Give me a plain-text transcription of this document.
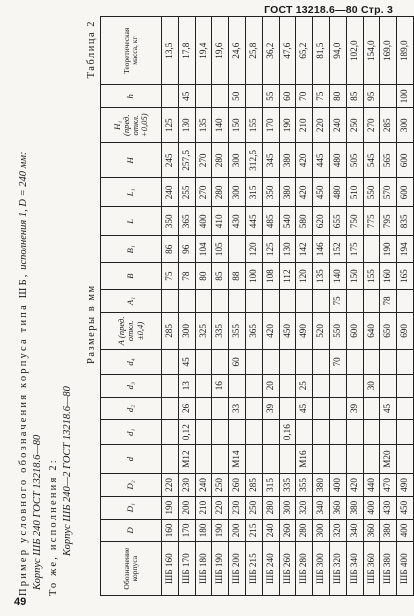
ГОСТ 13218.6—80 Стр. 3
Пример условного обозначения корпуса типа ШБ, исполнения 1, D = 240 мм:
Корпус ШБ 240 ГОСТ 13218.6—80 То же, исполнения 2: Корпус ШБ 240—2 ГОСТ 13218.6—80
Размеры в мм
Таблица 2
Обозначение корпуса	D	D₁	D₂	d	d₁	d₂	d₃	d₄	A (пред. откл. ±0,4)	A₁	B	B₁	L	L₁	H	H₁ (пред. откл. +0,05)	h	Теоретическая масса, кг
ШБ 160	160	190	220						285		75	86	350	240	245	125		13,5
ШБ 170	170	200	230	M12	0,12	26	13	45	300		78	96	365	255	257,5	130	45	17,8
ШБ 180	180	210	240						325		80	104	400	270	270	135		19,4
ШБ 190	190	220	250				16		335		85	105	410	280	280	140		19,6
ШБ 200	200	230	260	M14		33		60	355		88		430	300	300	150	50	24,6
ШБ 215	215	250	285						365		100	120	445	315	312,5	155		25,8
ШБ 240	240	280	315			39	20		420		108	125	485	350	345	170	55	36,2
ШБ 260	260	300	335		0,16				450		112	130	540	380	380	190	60	47,6
ШБ 280	280	320	355	M16		45	25		490		120	142	580	420	420	210	70	65,2
ШБ 300	300	340	380						520		135	146	620	450	445	220	75	81,5
ШБ 320	320	360	400					70	550	75	140	152	655	480	480	240	80	94,0
ШБ 340	340	380	420			39			600		150	175	750	510	505	250	85	102,0
ШБ 360	360	400	440				30		640		155		775	550	545	270	95	154,0
ШБ 380	380	430	470	M20		45			650	78	160	190	795	570	565	285		169,0
ШБ 400	400	450	490						690		165	194	835	600	600	300	100	189,0
49
